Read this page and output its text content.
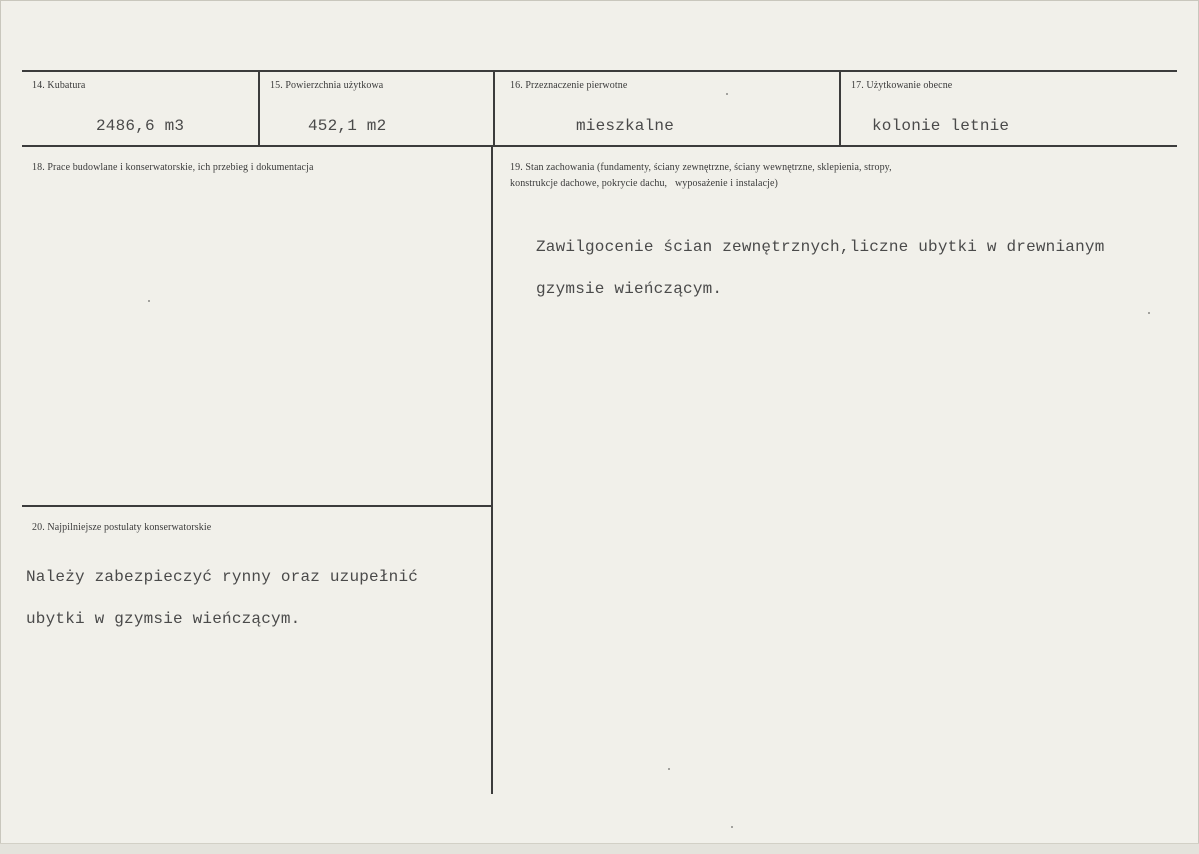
14. Kubatura
2486,6 m3
15. Powierzchnia użytkowa
452,1 m2
16. Przeznaczenie pierwotne
mieszkalne
17. Użytkowanie obecne
kolonie letnie
18. Prace budowlane i konserwatorskie, ich przebieg i dokumentacja	19. Stan zachowania (fundamenty, ściany zewnętrzne, ściany wewnętrzne, sklepienia, stropy,
konstrukcje dachowe, pokrycie dachu,   wyposażenie i instalacje)
Zawilgocenie ścian zewnętrznych,liczne ubytki w drewnianym
gzymsie wieńczącym.
20. Najpilniejsze postulaty konserwatorskie
Należy zabezpieczyć rynny oraz uzupełnić
ubytki w gzymsie wieńczącym.
